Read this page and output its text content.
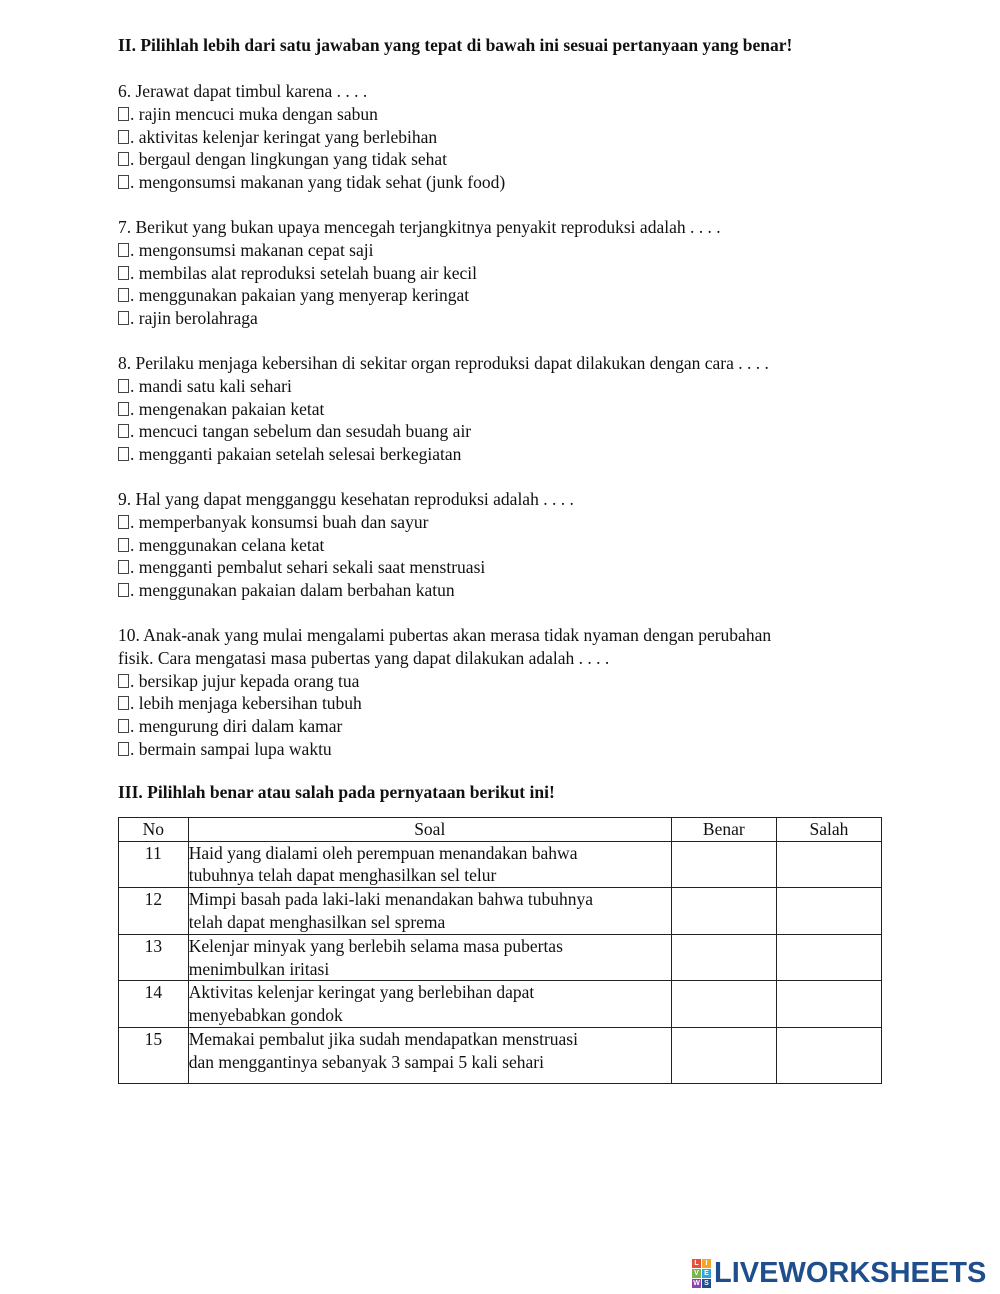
II. Pilihlah lebih dari satu jawaban yang tepat di bawah ini sesuai pertanyaan yang benar!

6. Jerawat dapat timbul karena . . . .

. rajin mencuci muka dengan sabun

. aktivitas kelenjar keringat yang berlebihan

. bergaul dengan lingkungan yang tidak sehat

. mengonsumsi makanan yang tidak sehat (junk food)

7. Berikut yang bukan upaya mencegah terjangkitnya penyakit reproduksi adalah . . . .

. mengonsumsi makanan cepat saji

. membilas alat reproduksi setelah buang air kecil

. menggunakan pakaian yang menyerap keringat

. rajin berolahraga

8. Perilaku menjaga kebersihan di sekitar organ reproduksi dapat dilakukan dengan cara . . . .

. mandi satu kali sehari

. mengenakan pakaian ketat

. mencuci tangan sebelum dan sesudah buang air

. mengganti pakaian setelah selesai berkegiatan

9. Hal yang dapat mengganggu kesehatan reproduksi adalah . . . .

. memperbanyak konsumsi buah dan sayur

. menggunakan celana ketat

. mengganti pembalut sehari sekali saat menstruasi

. menggunakan pakaian dalam berbahan katun

10. Anak-anak yang mulai mengalami pubertas akan merasa tidak nyaman dengan perubahan

fisik. Cara mengatasi masa pubertas yang dapat dilakukan adalah . . . .

. bersikap jujur kepada orang tua

. lebih menjaga kebersihan tubuh

. mengurung diri dalam kamar

. bermain sampai lupa waktu

III. Pilihlah benar atau salah pada pernyataan berikut ini!

No	Soal	Benar	Salah
11	Haid yang dialami oleh perempuan menandakan bahwa
tubuhnya telah dapat menghasilkan sel telur		

12	Mimpi basah pada laki-laki menandakan bahwa tubuhnya
telah dapat menghasilkan sel sprema		

13	Kelenjar minyak yang berlebih selama masa pubertas
menimbulkan iritasi		

14	Aktivitas kelenjar keringat yang berlebihan dapat
menyebabkan gondok		

15	Memakai pembalut jika sudah mendapatkan menstruasi
dan menggantinya sebanyak 3 sampai 5 kali sehari		

L I
V E
W S LIVEWORKSHEETS
